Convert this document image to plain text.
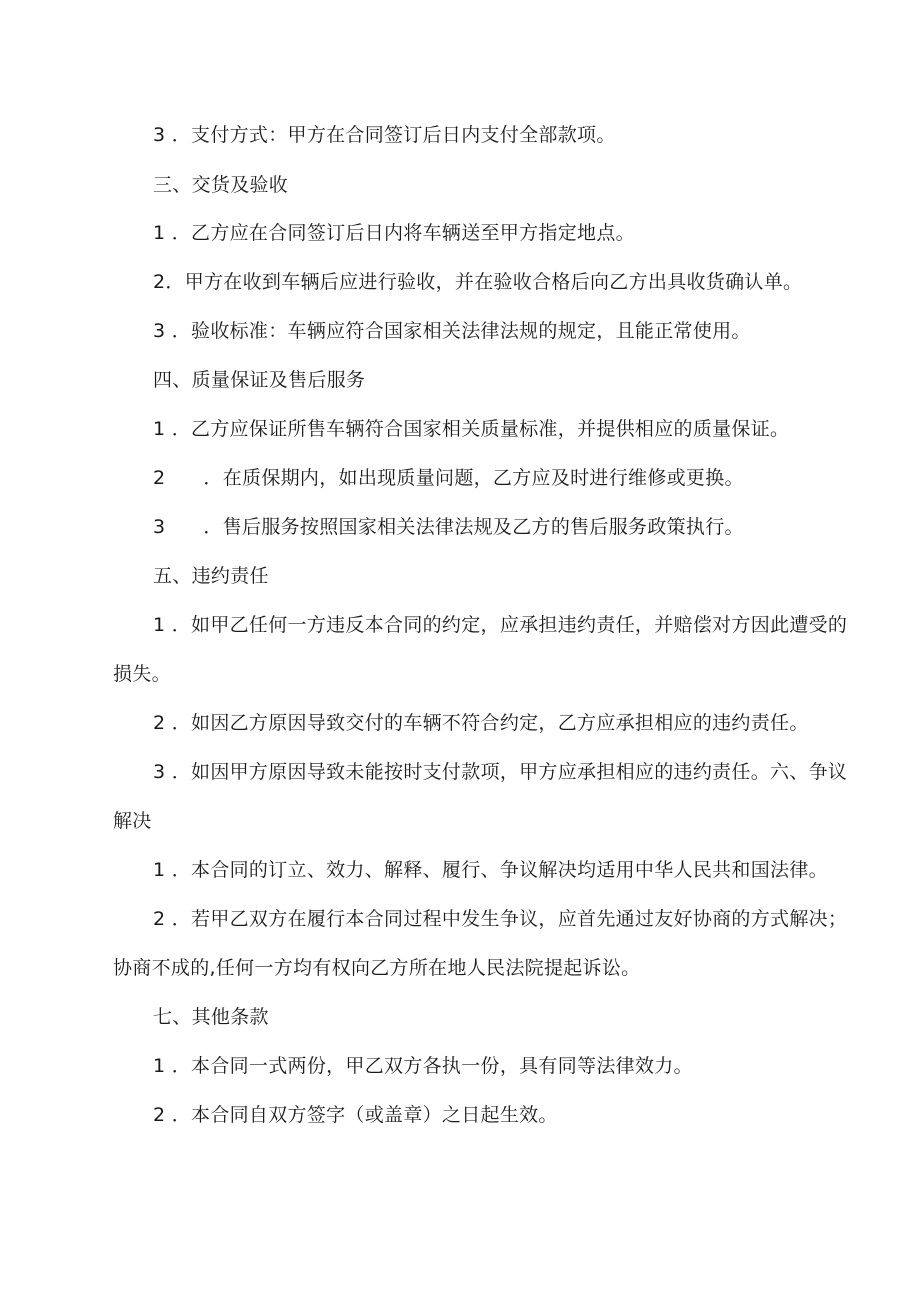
3 ．支付方式：甲方在合同签订后日内支付全部款项。
三、交货及验收
1 ．乙方应在合同签订后日内将车辆送至甲方指定地点。
2．甲方在收到车辆后应进行验收，并在验收合格后向乙方出具收货确认单。
3 ．验收标准：车辆应符合国家相关法律法规的规定，且能正常使用。
四、质量保证及售后服务
1 ．乙方应保证所售车辆符合国家相关质量标准，并提供相应的质量保证。
2      ．在质保期内，如出现质量问题，乙方应及时进行维修或更换。
3      ．售后服务按照国家相关法律法规及乙方的售后服务政策执行。
五、违约责任
1 ．如甲乙任何一方违反本合同的约定，应承担违约责任，并赔偿对方因此遭受的
损失。
2 ．如因乙方原因导致交付的车辆不符合约定，乙方应承担相应的违约责任。
3 ．如因甲方原因导致未能按时支付款项，甲方应承担相应的违约责任。六、争议
解决
1 ．本合同的订立、效力、解释、履行、争议解决均适用中华人民共和国法律。
2 ．若甲乙双方在履行本合同过程中发生争议，应首先通过友好协商的方式解决；
协商不成的,任何一方均有权向乙方所在地人民法院提起诉讼。
七、其他条款
1 ．本合同一式两份，甲乙双方各执一份，具有同等法律效力。
2 ．本合同自双方签字（或盖章）之日起生效。
